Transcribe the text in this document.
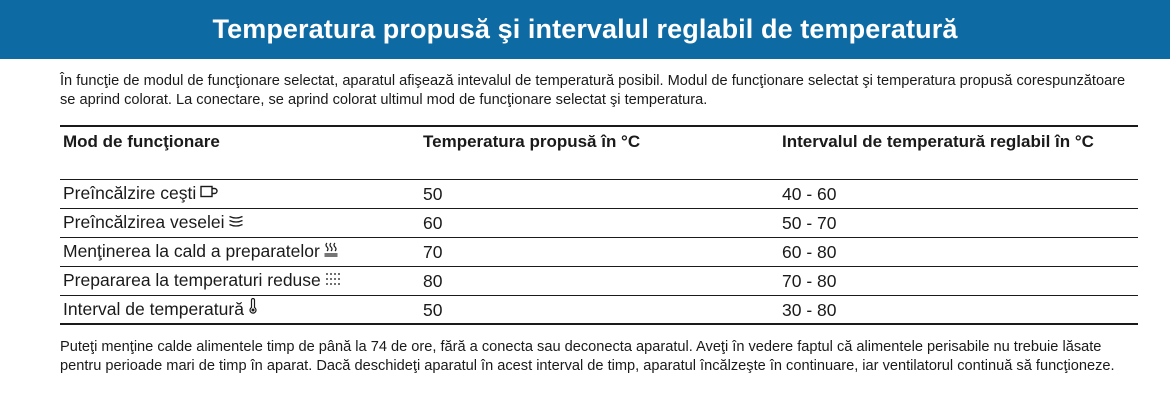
Temperatura propusă şi intervalul reglabil de temperatură

În funcţie de modul de funcţionare selectat, aparatul afişează intevalul de temperatură posibil. Modul de funcţionare selectat şi temperatura propusă corespunzătoare se aprind colorat. La conectare, se aprind colorat ultimul mod de funcţionare selectat şi temperatura.

Mod de funcţionare	Temperatura propusă în °C	Intervalul de temperatură reglabil în °C
Preîncălzire ceşti	50	40 - 60
Preîncălzirea veselei	60	50 - 70
Menţinerea la cald a preparatelor	70	60 - 80
Prepararea la temperaturi reduse	80	70 - 80
Interval de temperatură	50	30 - 80

Puteţi menţine calde alimentele timp de până la 74 de ore, fără a conecta sau deconecta aparatul. Aveţi în vedere faptul că alimentele perisabile nu trebuie lăsate pentru perioade mari de timp în aparat. Dacă deschideţi aparatul în acest interval de timp, aparatul încălzeşte în continuare, iar ventilatorul continuă să funcţioneze.
